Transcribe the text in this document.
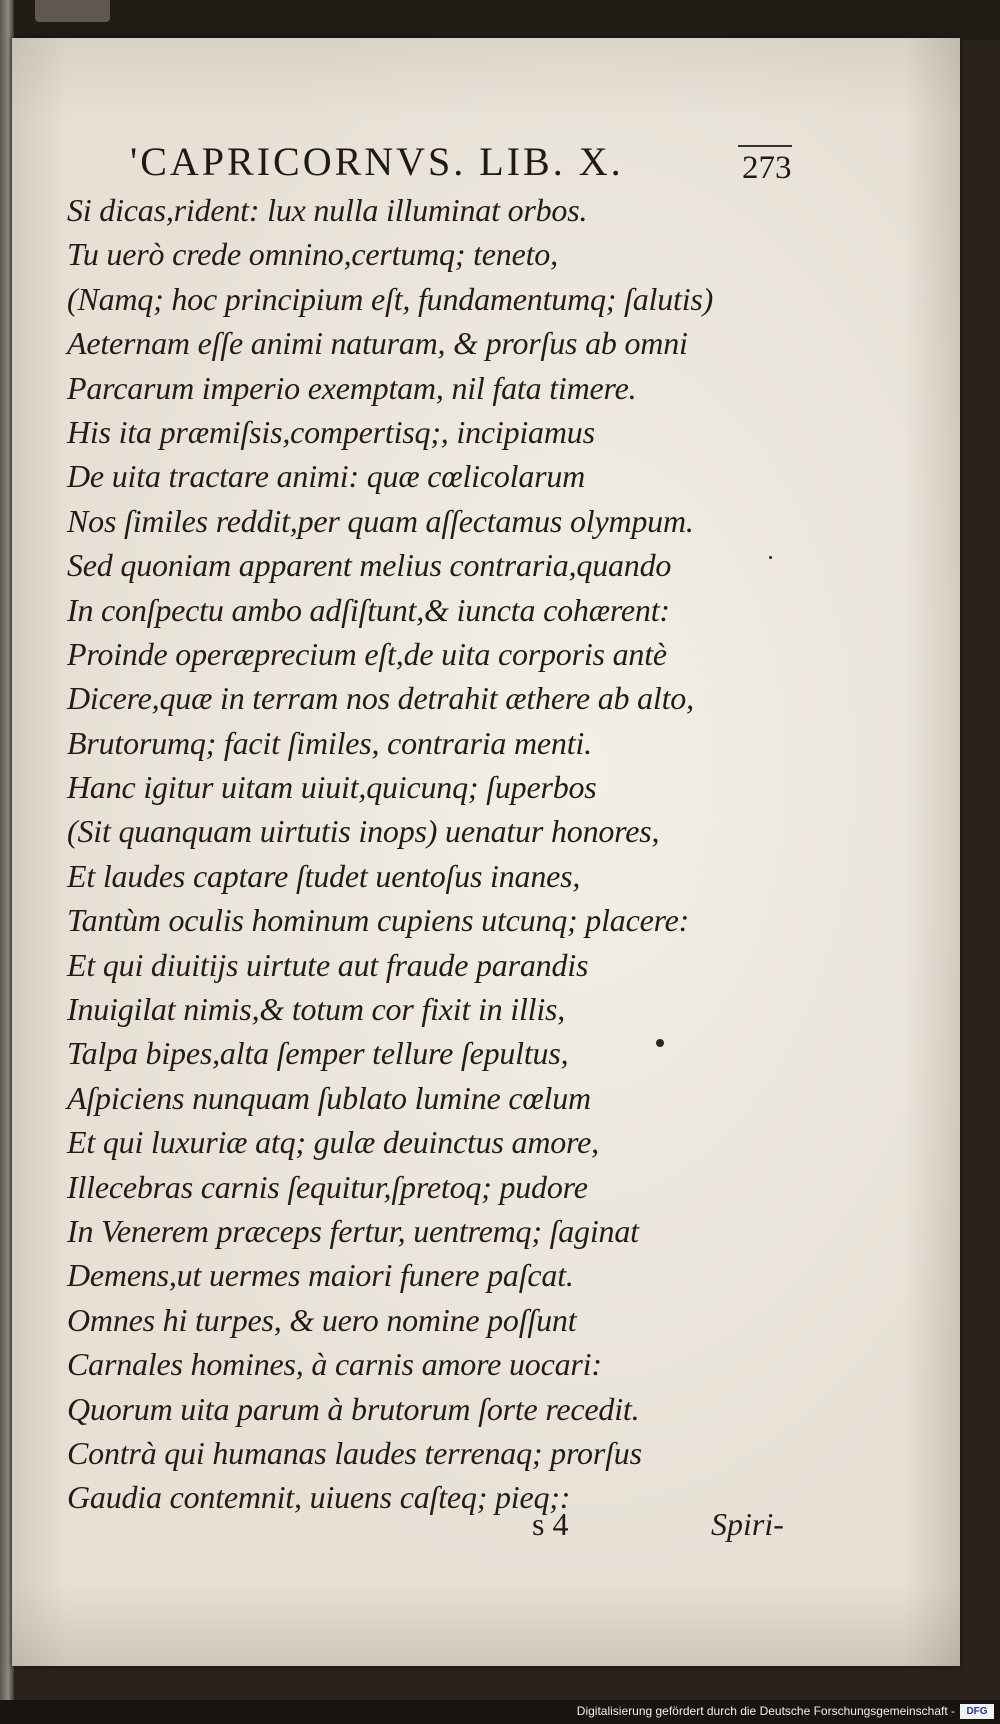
'CAPRICORNVS. LIB. X.	273
Si dicas,rident: lux nulla illuminat orbos.
Tu uerò crede omnino,certumq; teneto,
(Namq; hoc principium eſt, fundamentumq; ſalutis)
Aeternam eſſe animi naturam, & prorſus ab omni
Parcarum imperio exemptam, nil fata timere.
His ita præmiſsis,compertisq;, incipiamus
De uita tractare animi: quæ cœlicolarum
Nos ſimiles reddit,per quam aſſectamus olympum.
Sed quoniam apparent melius contraria,quando
In conſpectu ambo adſiſtunt,& iuncta cohærent:
Proinde operæprecium eſt,de uita corporis antè
Dicere,quæ in terram nos detrahit æthere ab alto,
Brutorumq; facit ſimiles, contraria menti.
Hanc igitur uitam uiuit,quicunq; ſuperbos
(Sit quanquam uirtutis inops) uenatur honores,
Et laudes captare ſtudet uentoſus inanes,
Tantùm oculis hominum cupiens utcunq; placere:
Et qui diuitijs uirtute aut fraude parandis
Inuigilat nimis,& totum cor fixit in illis,
Talpa bipes,alta ſemper tellure ſepultus,
Aſpiciens nunquam ſublato lumine cœlum
Et qui luxuriæ atq; gulæ deuinctus amore,
Illecebras carnis ſequitur,ſpretoq; pudore
In Venerem præceps fertur, uentremq; ſaginat
Demens,ut uermes maiori funere paſcat.
Omnes hi turpes, & uero nomine poſſunt
Carnales homines, à carnis amore uocari:
Quorum uita parum à brutorum ſorte recedit.
Contrà qui humanas laudes terrenaq; prorſus
Gaudia contemnit, uiuens caſteq; pieq;:
s 4	Spiri-
Digitalisierung gefördert durch die Deutsche Forschungsgemeinschaft -	DFG
